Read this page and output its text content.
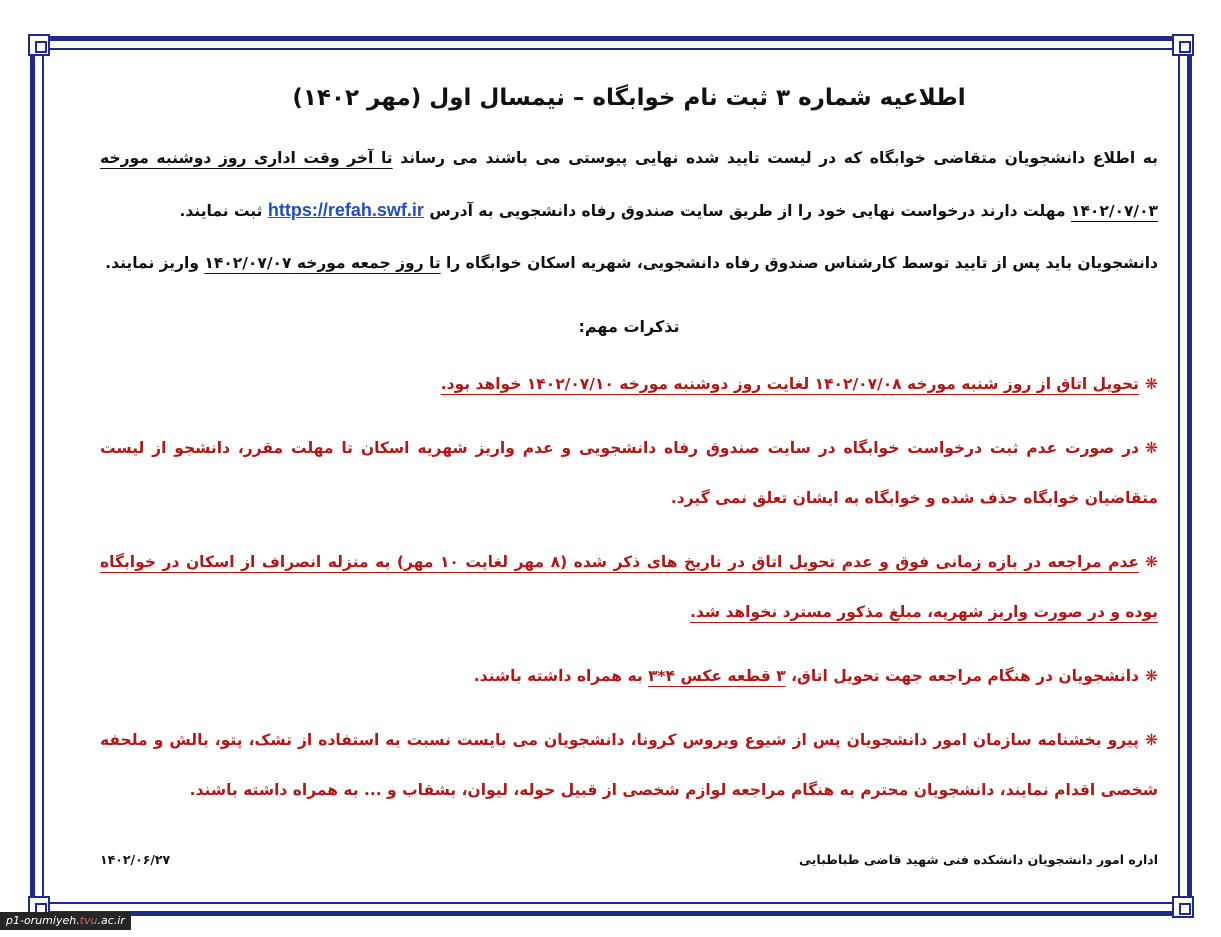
اطلاعیه شماره ۳ ثبت نام خوابگاه – نیمسال اول (مهر ۱۴۰۲)
به اطلاع دانشجویان متقاضی خوابگاه که در لیست تایید شده نهایی پیوستی می باشند می رساند تا آخر وقت اداری روز دوشنبه مورخه ۱۴۰۲/۰۷/۰۳ مهلت دارند درخواست نهایی خود را از طریق سایت صندوق رفاه دانشجویی به آدرس https://refah.swf.ir ثبت نمایند.
دانشجویان باید پس از تایید توسط کارشناس صندوق رفاه دانشجویی، شهریه اسکان خوابگاه را تا روز جمعه مورخه ۱۴۰۲/۰۷/۰۷ واریز نمایند.
تذکرات مهم:
❋تحویل اتاق از روز شنبه مورخه ۱۴۰۲/۰۷/۰۸ لغایت روز دوشنبه مورخه ۱۴۰۲/۰۷/۱۰ خواهد بود.
❋در صورت عدم ثبت درخواست خوابگاه در سایت صندوق رفاه دانشجویی و عدم واریز شهریه اسکان تا مهلت مقرر، دانشجو از لیست متقاضیان خوابگاه حذف شده و خوابگاه به ایشان تعلق نمی گیرد.
❋عدم مراجعه در بازه زمانی فوق و عدم تحویل اتاق در تاریخ های ذکر شده (۸ مهر لغایت ۱۰ مهر) به منزله انصراف از اسکان در خوابگاه بوده و در صورت واریز شهریه، مبلغ مذکور مسترد نخواهد شد.
❋دانشجویان در هنگام مراجعه جهت تحویل اتاق، ۳ قطعه عکس ۴*۳ به همراه داشته باشند.
❋پیرو بخشنامه سازمان امور دانشجویان پس از شیوع ویروس کرونا، دانشجویان می بایست نسبت به استفاده از تشک، پتو، بالش و ملحفه شخصی اقدام نمایند، دانشجویان محترم به هنگام مراجعه لوازم شخصی از قبیل حوله، لیوان، بشقاب و ... به همراه داشته باشند.
اداره امور دانشجویان دانشکده فنی شهید قاضی طباطبایی
۱۴۰۲/۰۶/۲۷
p1-orumiyeh.tvu.ac.ir
